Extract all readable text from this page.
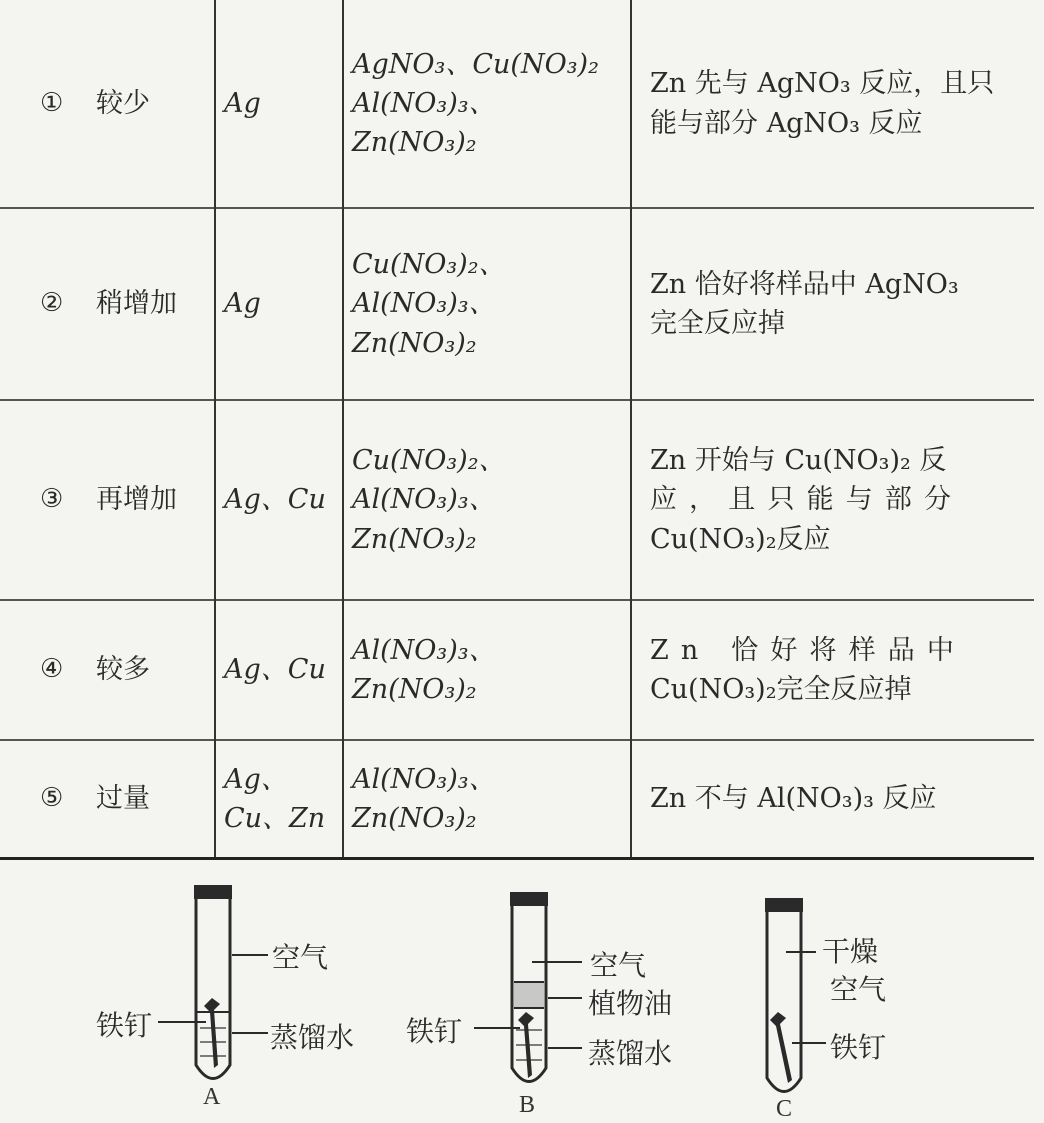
①	较少	Ag	AgNO₃、Cu(NO₃)₂
Al(NO₃)₃、
Zn(NO₃)₂	Zn 先与 AgNO₃ 反应，且只
能与部分 AgNO₃ 反应

②	稍增加	Ag	Cu(NO₃)₂、
Al(NO₃)₃、
Zn(NO₃)₂	Zn 恰好将样品中 AgNO₃
完全反应掉

③	再增加	Ag、Cu	Cu(NO₃)₂、
Al(NO₃)₃、
Zn(NO₃)₂	Zn 开始与 Cu(NO₃)₂ 反
应，且只能与部分
Cu(NO₃)₂反应

④	较多	Ag、Cu	Al(NO₃)₃、
Zn(NO₃)₂	Zn 恰好将样品中
Cu(NO₃)₂完全反应掉

⑤	过量	Ag、
Cu、Zn	Al(NO₃)₃、
Zn(NO₃)₂	Zn 不与 Al(NO₃)₃ 反应
空气
蒸馏水
铁钉
A
空气
植物油
蒸馏水
铁钉
B
干燥
空气
铁钉
C
